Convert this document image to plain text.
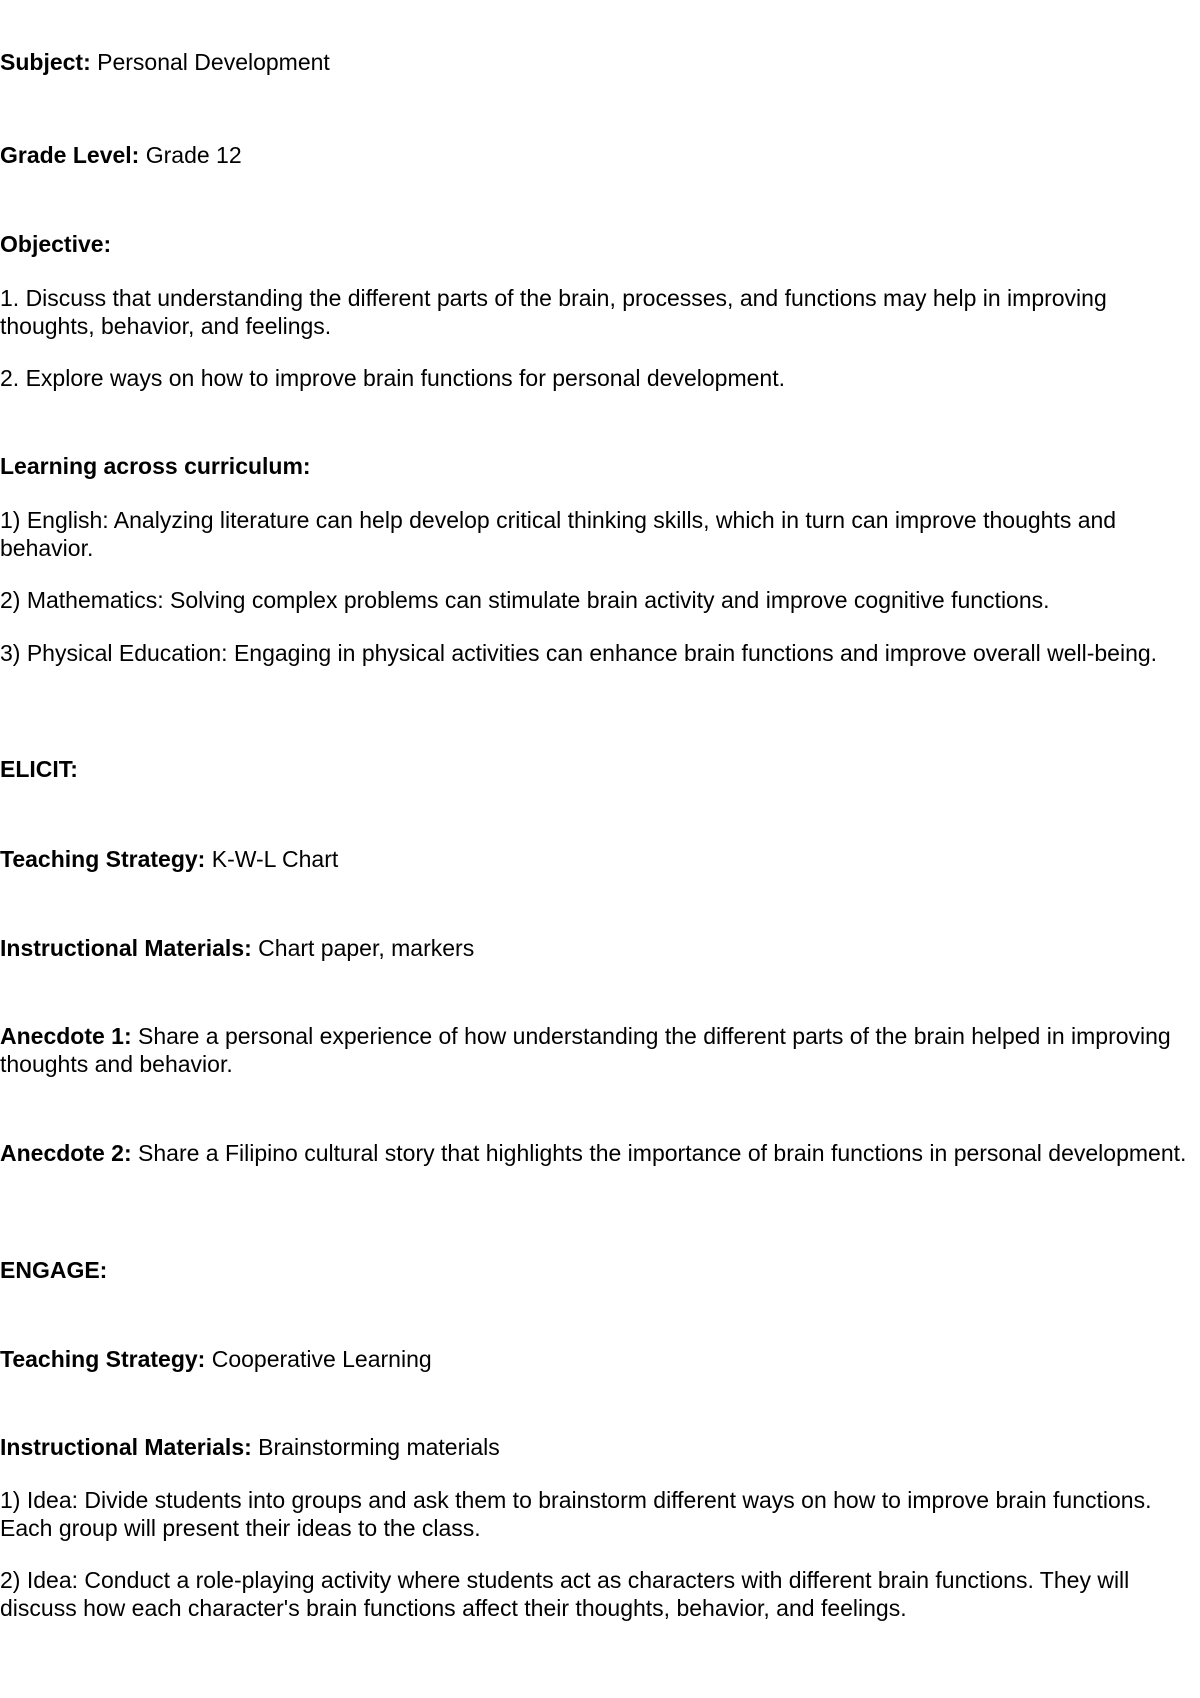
Subject: Personal Development

Grade Level: Grade 12

Objective:

1. Discuss that understanding the different parts of the brain, processes, and functions may help in improving thoughts, behavior, and feelings.

2. Explore ways on how to improve brain functions for personal development.

Learning across curriculum:

1) English: Analyzing literature can help develop critical thinking skills, which in turn can improve thoughts and behavior.

2) Mathematics: Solving complex problems can stimulate brain activity and improve cognitive functions.

3) Physical Education: Engaging in physical activities can enhance brain functions and improve overall well-being.

ELICIT:

Teaching Strategy: K-W-L Chart

Instructional Materials: Chart paper, markers

Anecdote 1: Share a personal experience of how understanding the different parts of the brain helped in improving thoughts and behavior.

Anecdote 2: Share a Filipino cultural story that highlights the importance of brain functions in personal development.

ENGAGE:

Teaching Strategy: Cooperative Learning

Instructional Materials: Brainstorming materials

1) Idea: Divide students into groups and ask them to brainstorm different ways on how to improve brain functions. Each group will present their ideas to the class.

2) Idea: Conduct a role-playing activity where students act as characters with different brain functions. They will discuss how each character's brain functions affect their thoughts, behavior, and feelings.
